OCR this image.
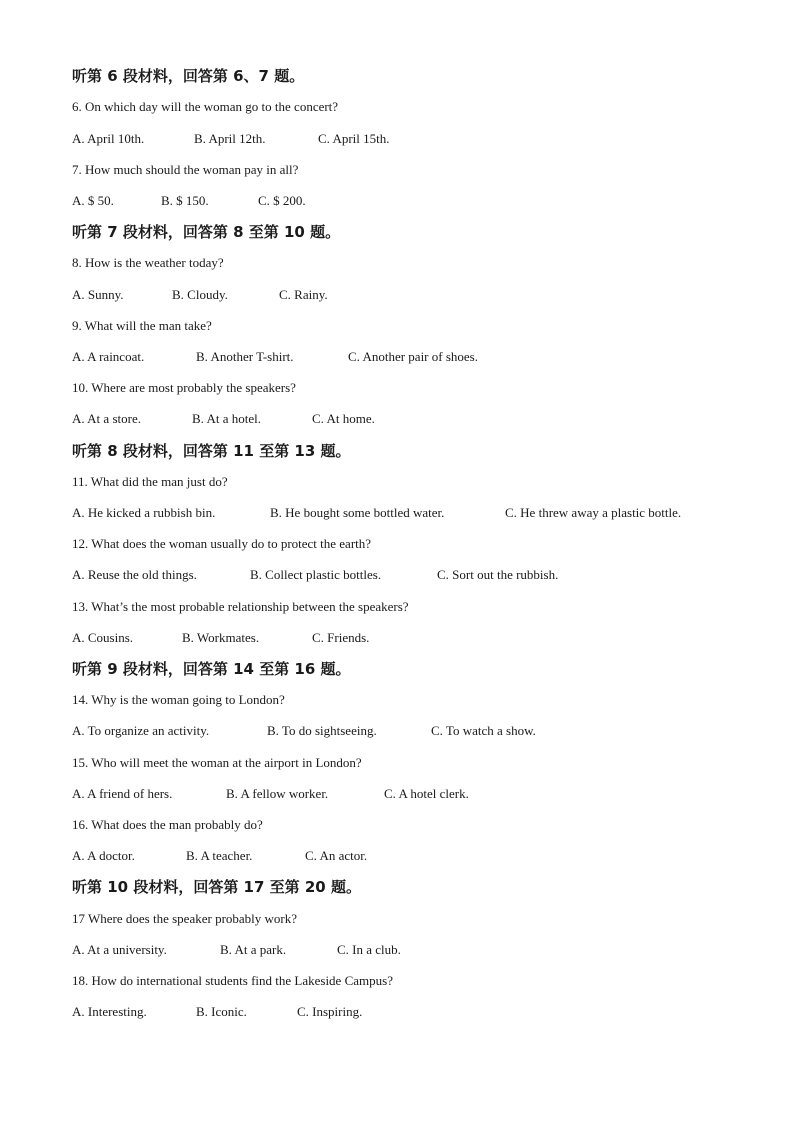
听第 6 段材料，回答第 6、7 题。
6. On which day will the woman go to the concert?
A. April 10th.	B. April 12th.	C. April 15th.
7. How much should the woman pay in all?
A. $ 50.	B. $ 150.	C. $ 200.
听第 7 段材料，回答第 8 至第 10 题。
8. How is the weather today?
A. Sunny.	B. Cloudy.	C. Rainy.
9. What will the man take?
A. A raincoat.	B. Another T-shirt.	C. Another pair of shoes.
10. Where are most probably the speakers?
A. At a store.	B. At a hotel.	C. At home.
听第 8 段材料，回答第 11 至第 13 题。
11. What did the man just do?
A. He kicked a rubbish bin.	B. He bought some bottled water.	C. He threw away a plastic bottle.
12. What does the woman usually do to protect the earth?
A. Reuse the old things.	B. Collect plastic bottles.	C. Sort out the rubbish.
13. What’s the most probable relationship between the speakers?
A. Cousins.	B. Workmates.	C. Friends.
听第 9 段材料，回答第 14 至第 16 题。
14. Why is the woman going to London?
A. To organize an activity.	B. To do sightseeing.	C. To watch a show.
15. Who will meet the woman at the airport in London?
A. A friend of hers.	B. A fellow worker.	C. A hotel clerk.
16. What does the man probably do?
A. A doctor.	B. A teacher.	C. An actor.
听第 10 段材料，回答第 17 至第 20 题。
17 Where does the speaker probably work?
A. At a university.	B. At a park.	C. In a club.
18. How do international students find the Lakeside Campus?
A. Interesting.	B. Iconic.	C. Inspiring.
